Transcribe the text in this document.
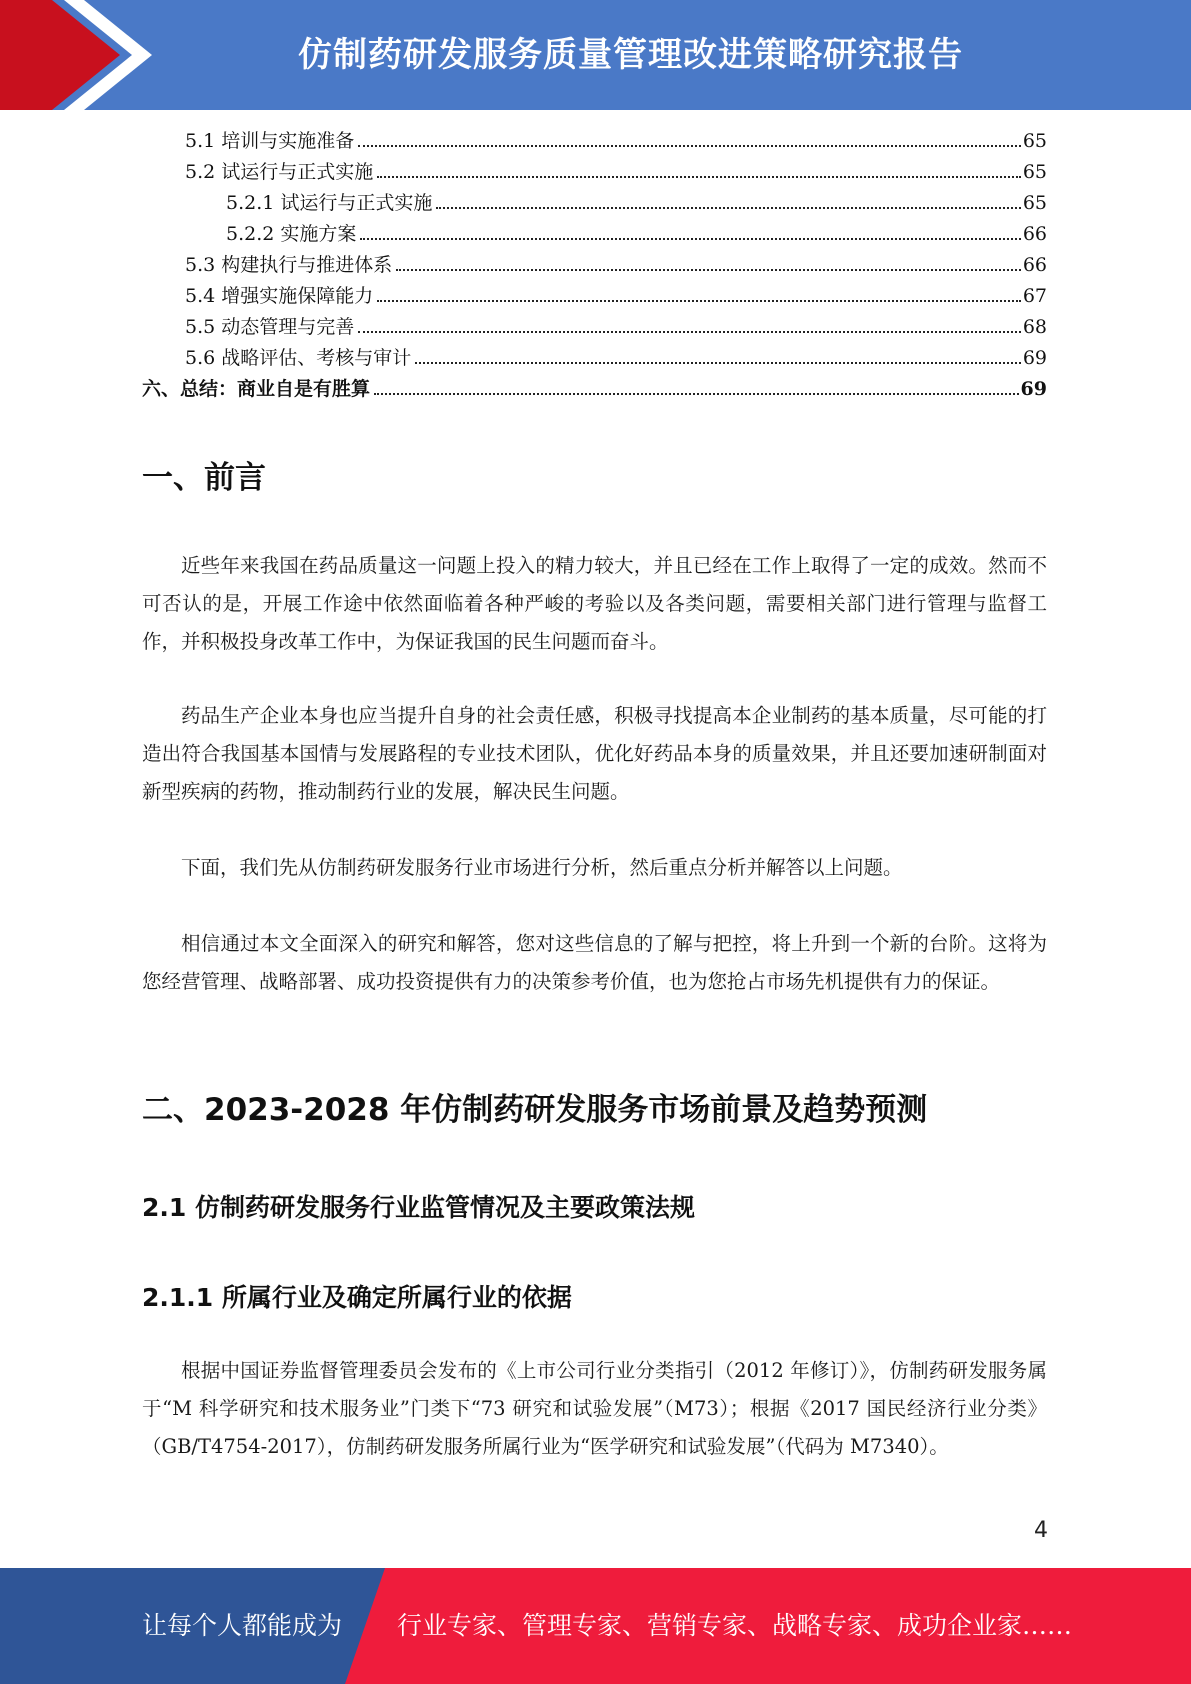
仿制药研发服务质量管理改进策略研究报告
5.1 培训与实施准备	65
5.2 试运行与正式实施	65
5.2.1 试运行与正式实施	65
5.2.2 实施方案	66
5.3 构建执行与推进体系	66
5.4 增强实施保障能力	67
5.5 动态管理与完善	68
5.6 战略评估、考核与审计	69
六、总结：商业自是有胜算	69
一、前言
近些年来我国在药品质量这一问题上投入的精力较大，并且已经在工作上取得了一定的成效。然而不可否认的是，开展工作途中依然面临着各种严峻的考验以及各类问题，需要相关部门进行管理与监督工作，并积极投身改革工作中，为保证我国的民生问题而奋斗。
药品生产企业本身也应当提升自身的社会责任感，积极寻找提高本企业制药的基本质量，尽可能的打造出符合我国基本国情与发展路程的专业技术团队，优化好药品本身的质量效果，并且还要加速研制面对新型疾病的药物，推动制药行业的发展，解决民生问题。
下面，我们先从仿制药研发服务行业市场进行分析，然后重点分析并解答以上问题。
相信通过本文全面深入的研究和解答，您对这些信息的了解与把控，将上升到一个新的台阶。这将为您经营管理、战略部署、成功投资提供有力的决策参考价值，也为您抢占市场先机提供有力的保证。
二、2023-2028 年仿制药研发服务市场前景及趋势预测
2.1 仿制药研发服务行业监管情况及主要政策法规
2.1.1 所属行业及确定所属行业的依据
根据中国证券监督管理委员会发布的《上市公司行业分类指引（2012 年修订）》，仿制药研发服务属于“M 科学研究和技术服务业”门类下“73 研究和试验发展”（M73）；根据《2017 国民经济行业分类》（GB/T4754-2017），仿制药研发服务所属行业为“医学研究和试验发展”（代码为 M7340）。
4
让每个人都能成为 行业专家、管理专家、营销专家、战略专家、成功企业家……
